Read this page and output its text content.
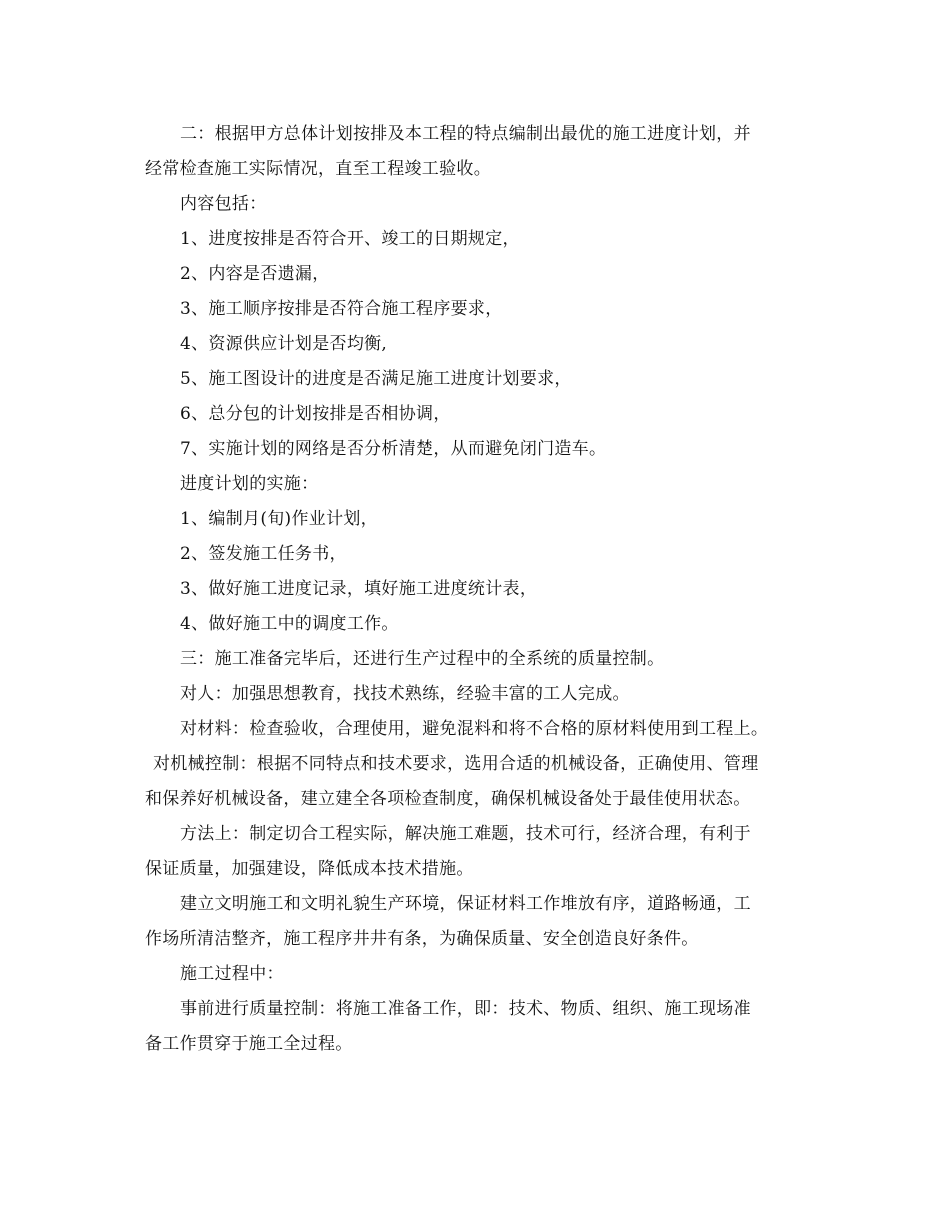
二：根据甲方总体计划按排及本工程的特点编制出最优的施工进度计划，并
经常检查施工实际情况，直至工程竣工验收。
内容包括：
1、进度按排是否符合开、竣工的日期规定，
2、内容是否遗漏，
3、施工顺序按排是否符合施工程序要求，
4、资源供应计划是否均衡,
5、施工图设计的进度是否满足施工进度计划要求，
6、总分包的计划按排是否相协调，
7、实施计划的网络是否分析清楚，从而避免闭门造车。
进度计划的实施：
1、编制月(旬)作业计划，
2、签发施工任务书，
3、做好施工进度记录，填好施工进度统计表，
4、做好施工中的调度工作。
三：施工准备完毕后，还进行生产过程中的全系统的质量控制。
对人：加强思想教育，找技术熟练，经验丰富的工人完成。
对材料：检查验收，合理使用，避免混料和将不合格的原材料使用到工程上。
对机械控制：根据不同特点和技术要求，选用合适的机械设备，正确使用、管理
和保养好机械设备，建立建全各项检查制度，确保机械设备处于最佳使用状态。
方法上：制定切合工程实际，解决施工难题，技术可行，经济合理，有利于
保证质量，加强建设，降低成本技术措施。
建立文明施工和文明礼貌生产环境，保证材料工作堆放有序，道路畅通，工
作场所清洁整齐，施工程序井井有条，为确保质量、安全创造良好条件。
施工过程中：
事前进行质量控制：将施工准备工作，即：技术、物质、组织、施工现场准
备工作贯穿于施工全过程。
